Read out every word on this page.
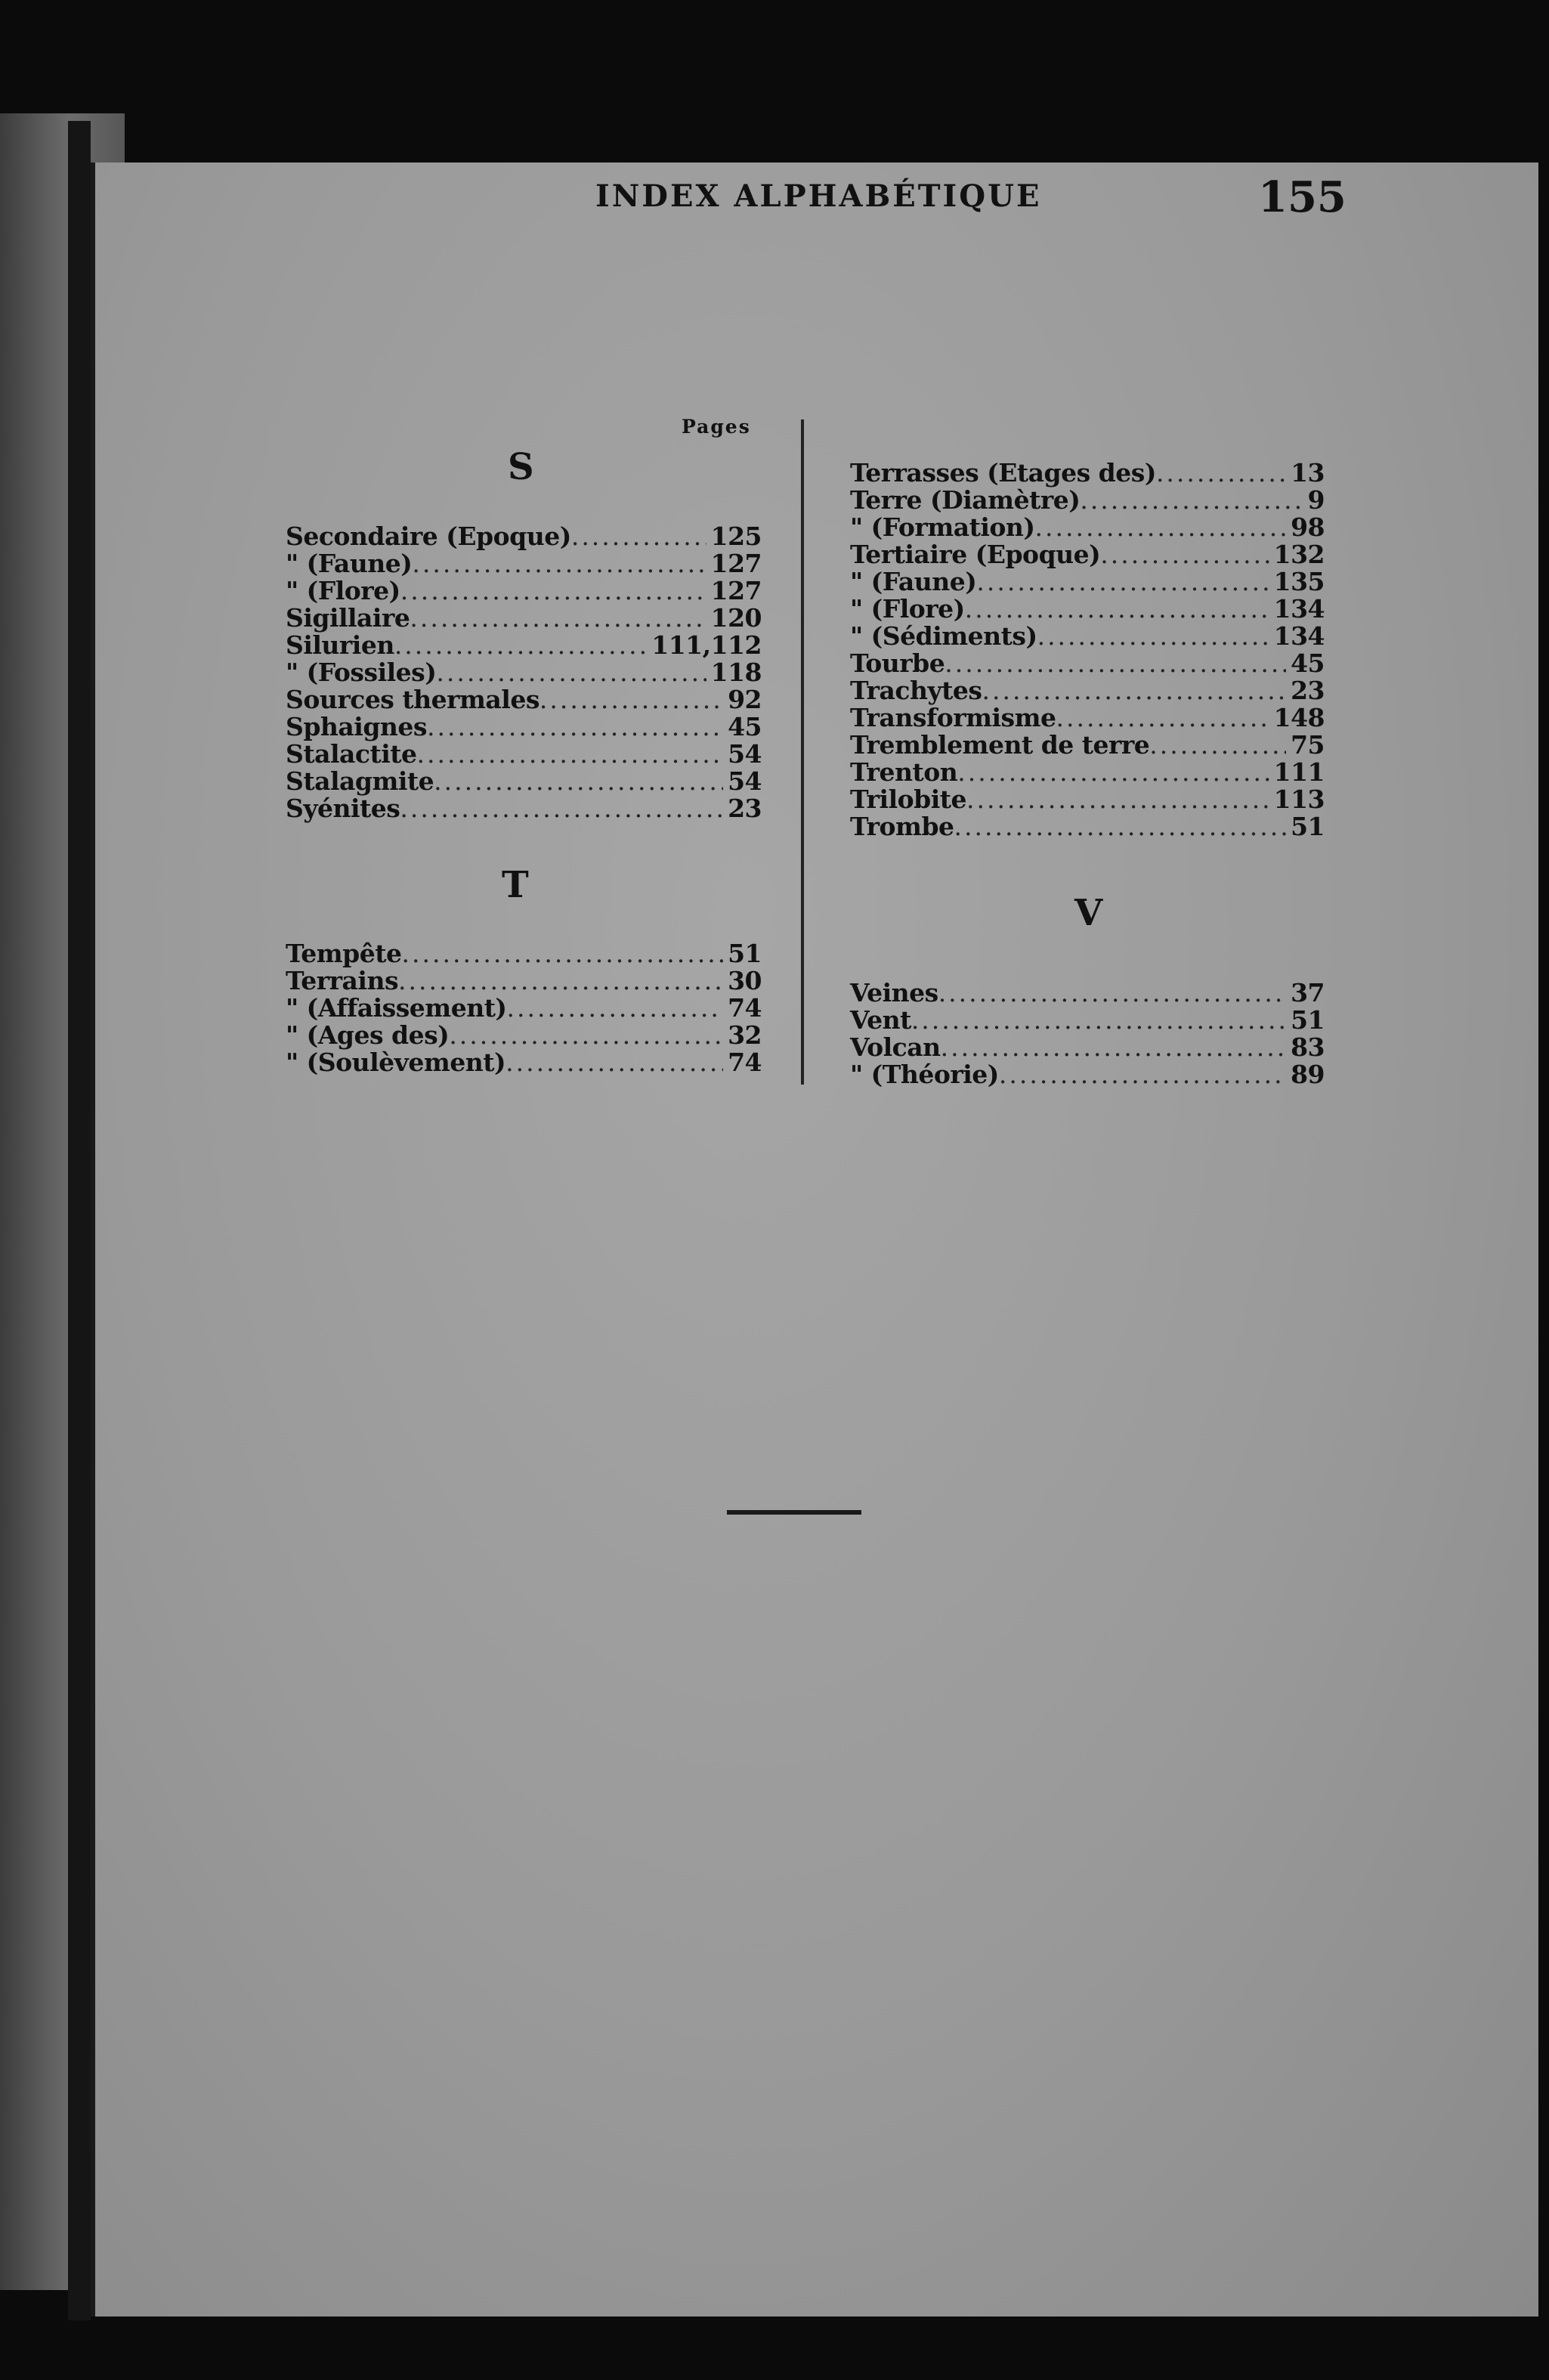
INDEX ALPHABÉTIQUE	155
Pages
S
Secondaire (Epoque) .....	125
" (Faune) .....	127
" (Flore) .....	127
Sigillaire .....	120
Silurien .....	111,112
" (Fossiles) .....	118
Sources thermales .....	92
Sphaignes .....	45
Stalactite .....	54
Stalagmite .....	54
Syénites .....	23
T
Tempête .....	51
Terrains .....	30
" (Affaissement) .....	74
" (Ages des) .....	32
" (Soulèvement) .....	74
Terrasses (Etages des) .....	13
Terre (Diamètre) .....	9
" (Formation) .....	98
Tertiaire (Epoque) .....	132
" (Faune) .....	135
" (Flore) .....	134
" (Sédiments) .....	134
Tourbe .....	45
Trachytes .....	23
Transformisme .....	148
Tremblement de terre .....	75
Trenton .....	111
Trilobite .....	113
Trombe .....	51
V
Veines .....	37
Vent .....	51
Volcan .....	83
" (Théorie) .....	89
